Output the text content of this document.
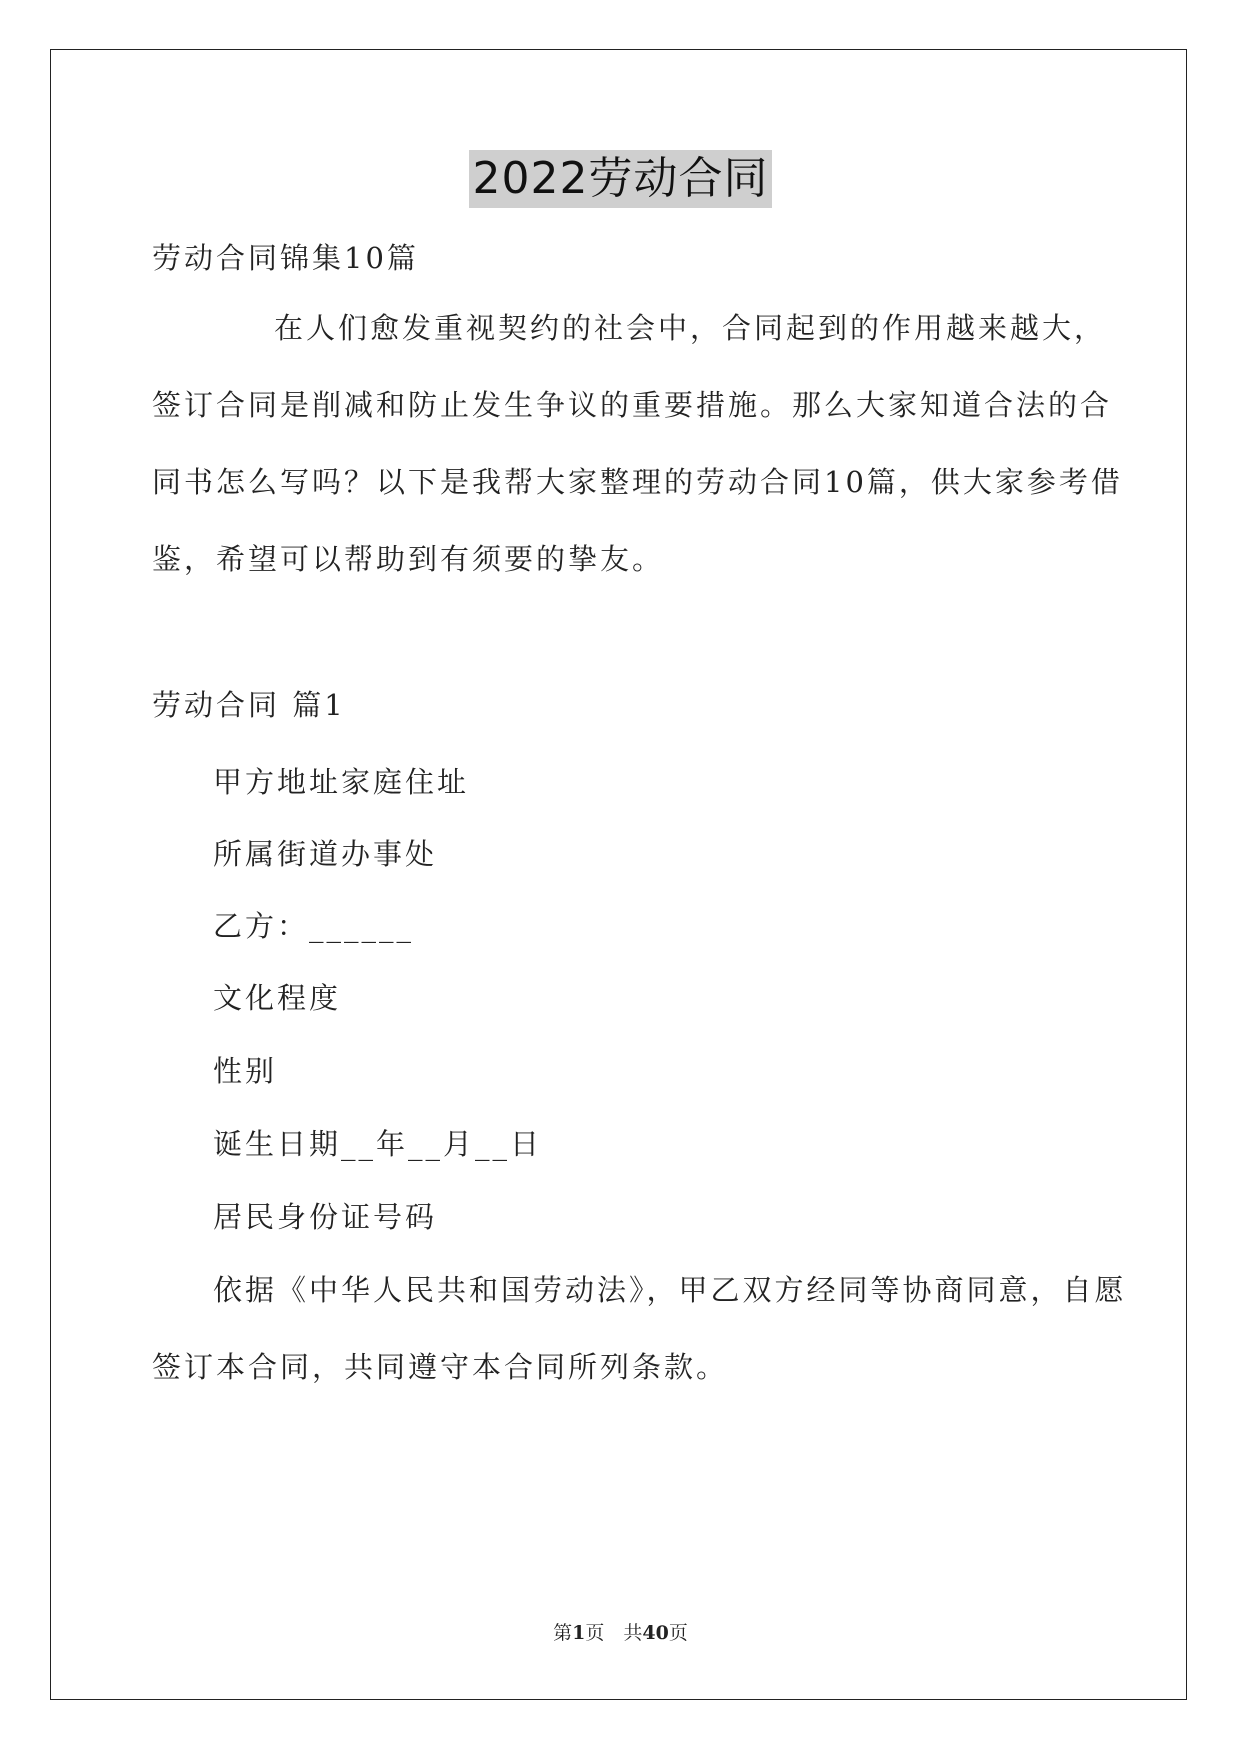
2022劳动合同
劳动合同锦集10篇
在人们愈发重视契约的社会中，合同起到的作用越来越大，
签订合同是削减和防止发生争议的重要措施。那么大家知道合法的合
同书怎么写吗？以下是我帮大家整理的劳动合同10篇，供大家参考借
鉴，希望可以帮助到有须要的挚友。
劳动合同 篇1
甲方地址家庭住址
所属街道办事处
乙方：______
文化程度
性别
诞生日期__年__月__日
居民身份证号码
依据《中华人民共和国劳动法》，甲乙双方经同等协商同意，自愿
签订本合同，共同遵守本合同所列条款。
第1页　共40页
